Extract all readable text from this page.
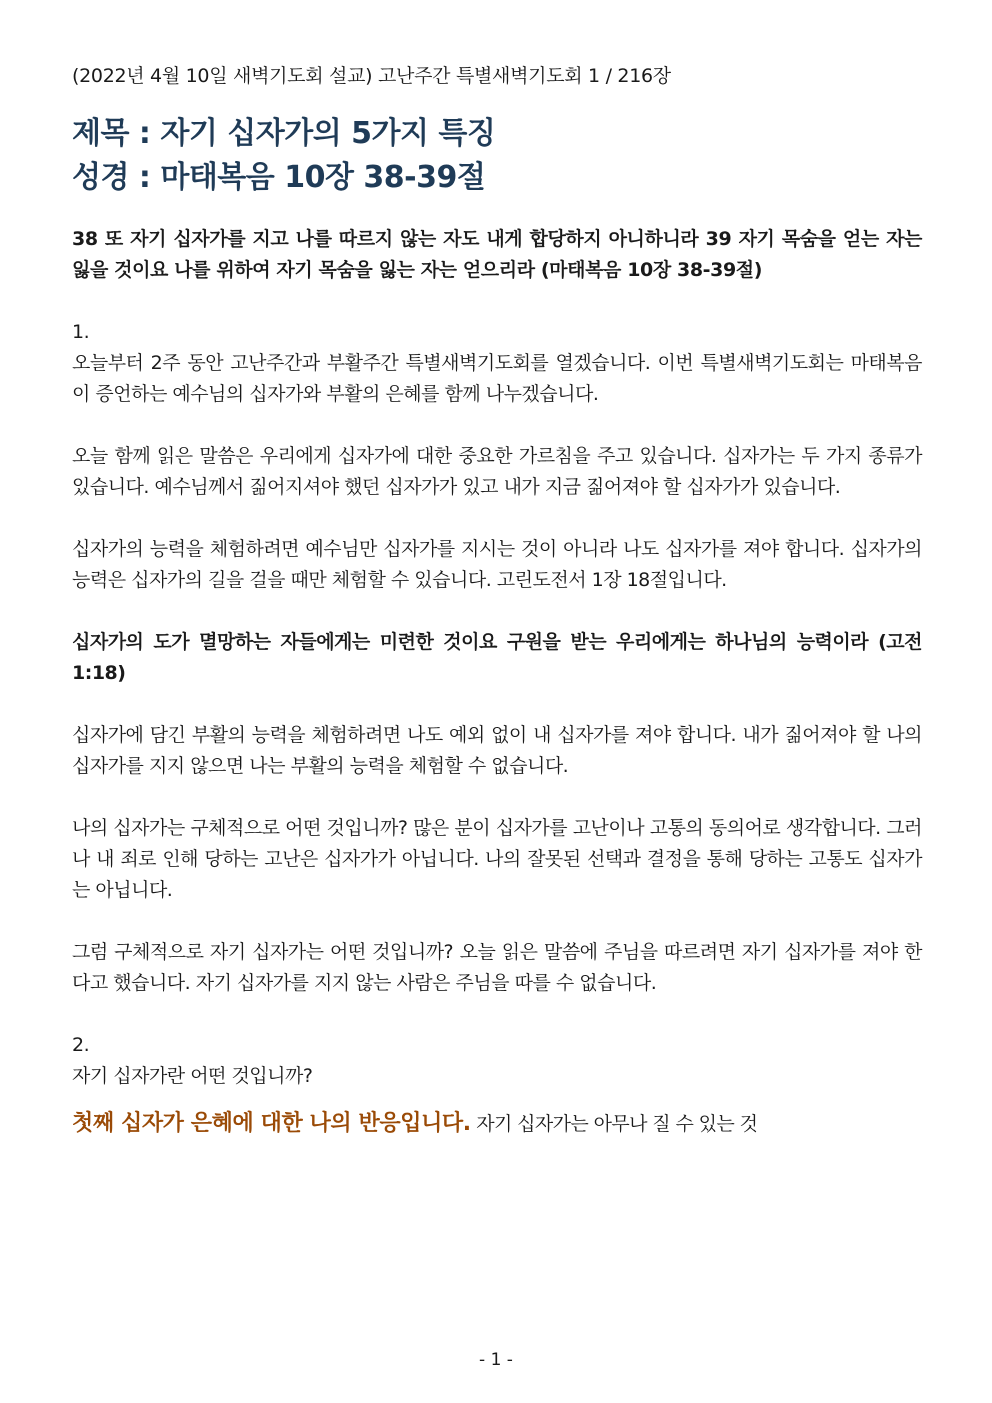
(2022년 4월 10일 새벽기도회 설교) 고난주간 특별새벽기도회 1 / 216장

제목 : 자기 십자가의 5가지 특징
성경 : 마태복음 10장 38-39절

38 또 자기 십자가를 지고 나를 따르지 않는 자도 내게 합당하지 아니하니라 39 자기 목숨을 얻는 자는 잃을 것이요 나를 위하여 자기 목숨을 잃는 자는 얻으리라 (마태복음 10장 38-39절)

1.
오늘부터 2주 동안 고난주간과 부활주간 특별새벽기도회를 열겠습니다. 이번 특별새벽기도회는 마태복음이 증언하는 예수님의 십자가와 부활의 은혜를 함께 나누겠습니다.

오늘 함께 읽은 말씀은 우리에게 십자가에 대한 중요한 가르침을 주고 있습니다. 십자가는 두 가지 종류가 있습니다. 예수님께서 짊어지셔야 했던 십자가가 있고 내가 지금 짊어져야 할 십자가가 있습니다.

십자가의 능력을 체험하려면 예수님만 십자가를 지시는 것이 아니라 나도 십자가를 져야 합니다. 십자가의 능력은 십자가의 길을 걸을 때만 체험할 수 있습니다. 고린도전서 1장 18절입니다.

십자가의 도가 멸망하는 자들에게는 미련한 것이요 구원을 받는 우리에게는 하나님의 능력이라 (고전 1:18)

십자가에 담긴 부활의 능력을 체험하려면 나도 예외 없이 내 십자가를 져야 합니다. 내가 짊어져야 할 나의 십자가를 지지 않으면 나는 부활의 능력을 체험할 수 없습니다.

나의 십자가는 구체적으로 어떤 것입니까? 많은 분이 십자가를 고난이나 고통의 동의어로 생각합니다. 그러나 내 죄로 인해 당하는 고난은 십자가가 아닙니다. 나의 잘못된 선택과 결정을 통해 당하는 고통도 십자가는 아닙니다.

그럼 구체적으로 자기 십자가는 어떤 것입니까? 오늘 읽은 말씀에 주님을 따르려면 자기 십자가를 져야 한다고 했습니다. 자기 십자가를 지지 않는 사람은 주님을 따를 수 없습니다.

2.
자기 십자가란 어떤 것입니까?

첫째 십자가 은혜에 대한 나의 반응입니다. 자기 십자가는 아무나 질 수 있는 것

- 1 -
